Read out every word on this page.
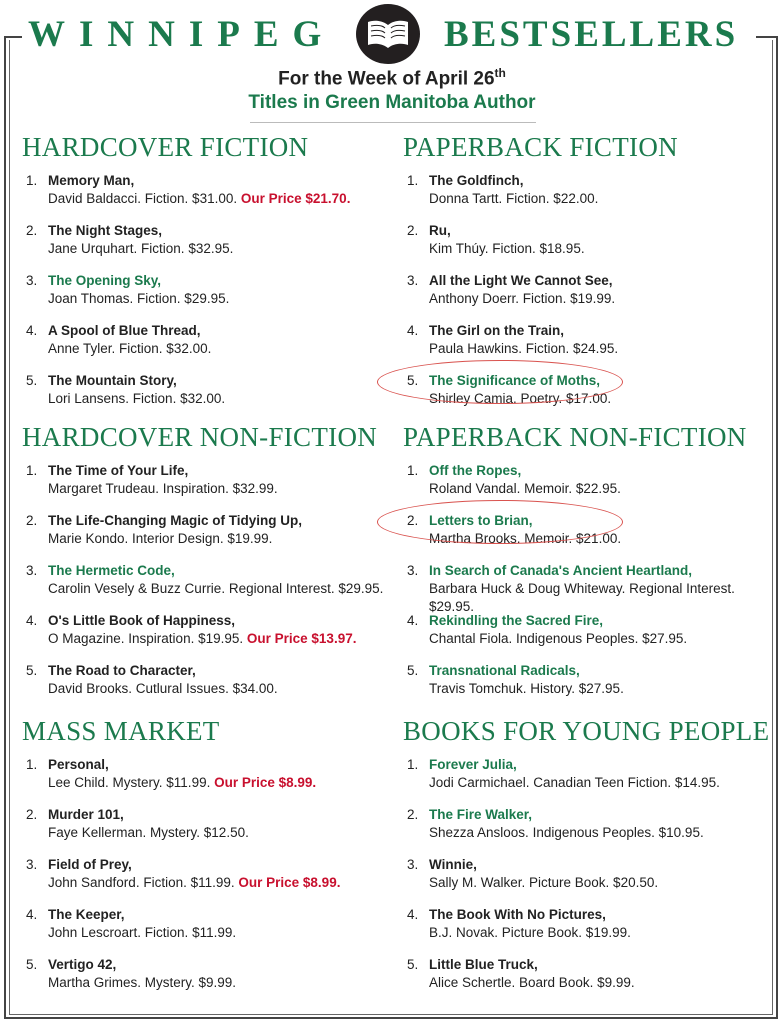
WINNIPEG	BESTSELLERS
For the Week of April 26th
Titles in Green Manitoba Author
HARDCOVER FICTION
1. Memory Man,
David Baldacci. Fiction. $31.00. Our Price $21.70.
2. The Night Stages,
Jane Urquhart. Fiction. $32.95.
3. The Opening Sky,
Joan Thomas. Fiction. $29.95.
4. A Spool of Blue Thread,
Anne Tyler. Fiction. $32.00.
5. The Mountain Story,
Lori Lansens. Fiction. $32.00.
PAPERBACK FICTION
1. The Goldfinch,
Donna Tartt. Fiction. $22.00.
2. Ru,
Kim Thúy. Fiction. $18.95.
3. All the Light We Cannot See,
Anthony Doerr. Fiction. $19.99.
4. The Girl on the Train,
Paula Hawkins. Fiction. $24.95.
5. The Significance of Moths,
Shirley Camia. Poetry. $17.00.
HARDCOVER NON-FICTION
1. The Time of Your Life,
Margaret Trudeau. Inspiration. $32.99.
2. The Life-Changing Magic of Tidying Up,
Marie Kondo. Interior Design. $19.99.
3. The Hermetic Code,
Carolin Vesely & Buzz Currie. Regional Interest. $29.95.
4. O's Little Book of Happiness,
O Magazine. Inspiration. $19.95. Our Price $13.97.
5. The Road to Character,
David Brooks. Cutlural Issues. $34.00.
PAPERBACK NON-FICTION
1. Off the Ropes,
Roland Vandal. Memoir. $22.95.
2. Letters to Brian,
Martha Brooks. Memoir. $21.00.
3. In Search of Canada's Ancient Heartland,
Barbara Huck & Doug Whiteway. Regional Interest. $29.95.
4. Rekindling the Sacred Fire,
Chantal Fiola. Indigenous Peoples. $27.95.
5. Transnational Radicals,
Travis Tomchuk. History. $27.95.
MASS MARKET
1. Personal,
Lee Child. Mystery. $11.99. Our Price $8.99.
2. Murder 101,
Faye Kellerman. Mystery. $12.50.
3. Field of Prey,
John Sandford. Fiction. $11.99. Our Price $8.99.
4. The Keeper,
John Lescroart. Fiction. $11.99.
5. Vertigo 42,
Martha Grimes. Mystery. $9.99.
BOOKS FOR YOUNG PEOPLE
1. Forever Julia,
Jodi Carmichael. Canadian Teen Fiction. $14.95.
2. The Fire Walker,
Shezza Ansloos. Indigenous Peoples. $10.95.
3. Winnie,
Sally M. Walker. Picture Book. $20.50.
4. The Book With No Pictures,
B.J. Novak. Picture Book. $19.99.
5. Little Blue Truck,
Alice Schertle. Board Book. $9.99.
